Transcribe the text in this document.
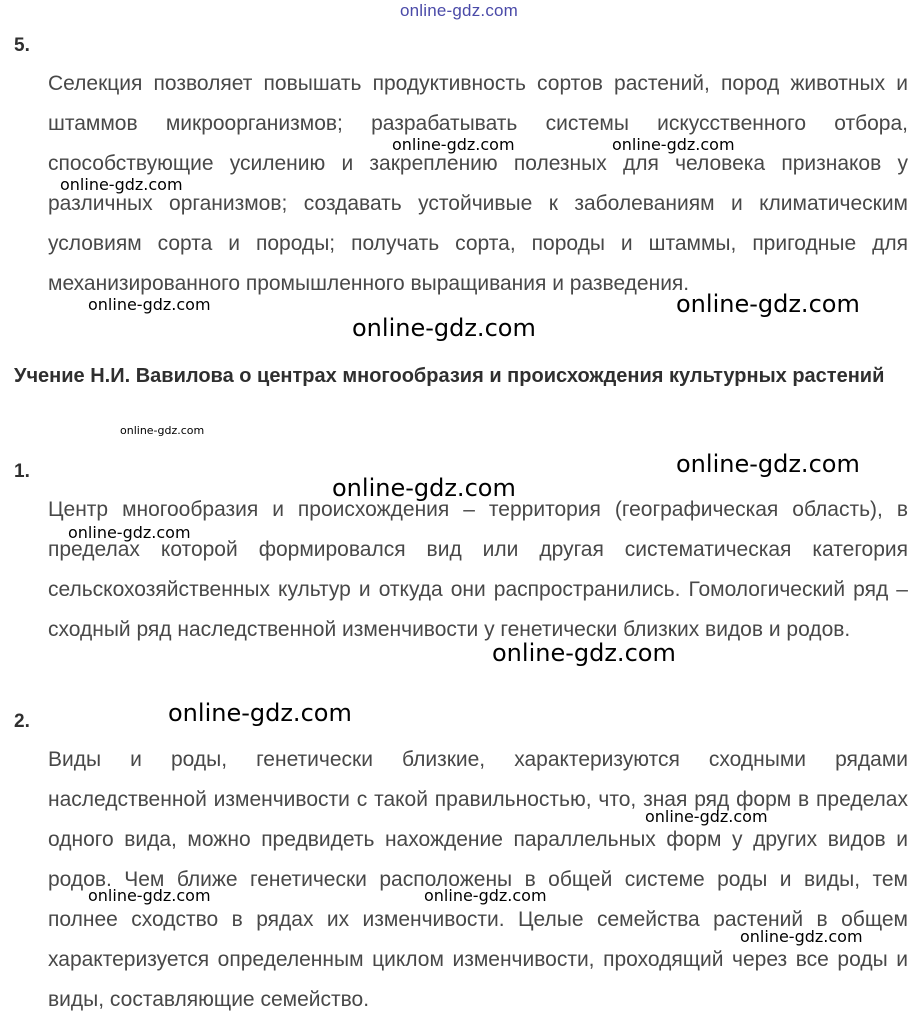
online-gdz.com
5.

Селекция позволяет повышать продуктивность сортов растений, пород животных и штаммов микроорганизмов; разрабатывать системы искусственного отбора, способствующие усилению и закреплению полезных для человека признаков у различных организмов; создавать устойчивые к заболеваниям и климатическим условиям сорта и породы; получать сорта, породы и штаммы, пригодные для механизированного промышленного выращивания и разведения.

Учение Н.И. Вавилова о центрах многообразия и происхождения культурных растений

1.

Центр многообразия и происхождения – территория (географическая область), в пределах которой формировался вид или другая систематическая категория сельскохозяйственных культур и откуда они распространились. Гомологический ряд – сходный ряд наследственной изменчивости у генетически близких видов и родов.

2.

Виды и роды, генетически близкие, характеризуются сходными рядами наследственной изменчивости с такой правильностью, что, зная ряд форм в пределах одного вида, можно предвидеть нахождение параллельных форм у других видов и родов. Чем ближе генетически расположены в общей системе роды и виды, тем полнее сходство в рядах их изменчивости. Целые семейства растений в общем характеризуется определенным циклом изменчивости, проходящий через все роды и виды, составляющие семейство.

online-gdz.com	online-gdz.com
online-gdz.com
online-gdz.com	online-gdz.com
online-gdz.com
online-gdz.com
online-gdz.com
online-gdz.com
online-gdz.com
online-gdz.com
online-gdz.com
online-gdz.com
online-gdz.com	online-gdz.com
online-gdz.com
